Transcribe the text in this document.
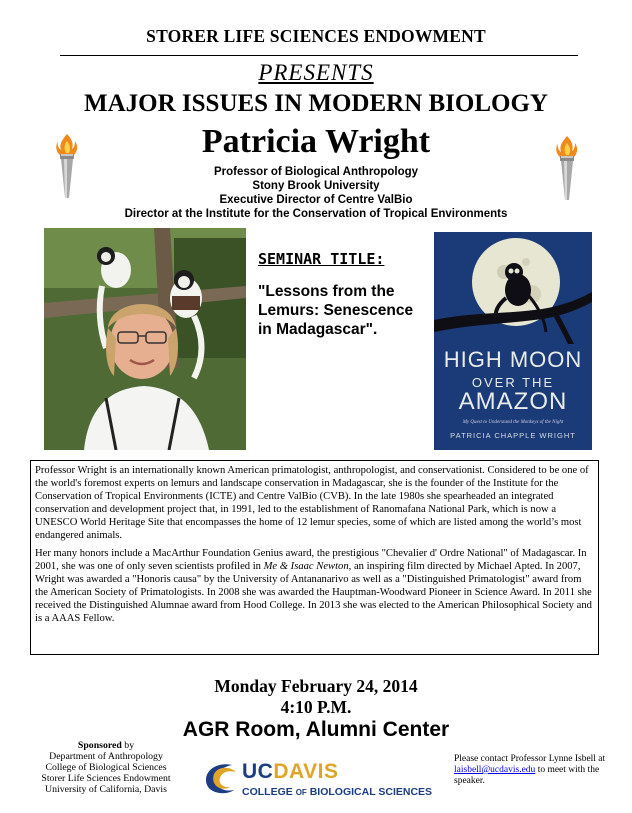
STORER LIFE SCIENCES ENDOWMENT
PRESENTS
MAJOR ISSUES IN MODERN BIOLOGY
Patricia Wright
Professor of Biological Anthropology
Stony Brook University
Executive Director of Centre ValBio
Director at the Institute for the Conservation of Tropical Environments
SEMINAR TITLE:
"Lessons from the Lemurs: Senescence in Madagascar".
HIGH MOON
OVER THE
AMAZON
My Quest to Understand the Monkeys of the Night
PATRICIA CHAPPLE WRIGHT

Professor Wright is an internationally known American primatologist, anthropologist, and conservationist. Considered to be one of the world's foremost experts on lemurs and landscape conservation in Madagascar, she is the founder of the Institute for the Conservation of Tropical Environments (ICTE) and Centre ValBio (CVB). In the late 1980s she spearheaded an integrated conservation and development project that, in 1991, led to the establishment of Ranomafana National Park, which is now a UNESCO World Heritage Site that encompasses the home of 12 lemur species, some of which are listed among the world’s most endangered animals.

Her many honors include a MacArthur Foundation Genius award, the prestigious "Chevalier d' Ordre National" of Madagascar. In 2001, she was one of only seven scientists profiled in Me & Isaac Newton, an inspiring film directed by Michael Apted. In 2007, Wright was awarded a "Honoris causa" by the University of Antananarivo as well as a "Distinguished Primatologist" award from the American Society of Primatologists. In 2008 she was awarded the Hauptman-Woodward Pioneer in Science Award. In 2011 she received the Distinguished Alumnae award from Hood College. In 2013 she was elected to the American Philosophical Society and is a AAAS Fellow.

Monday February 24, 2014
4:10 P.M.
AGR Room, Alumni Center
Sponsored by
Department of Anthropology
College of Biological Sciences
Storer Life Sciences Endowment
University of California, Davis
UCDAVIS
COLLEGE OF BIOLOGICAL SCIENCES
Please contact Professor Lynne Isbell at laisbell@ucdavis.edu to meet with the speaker.
